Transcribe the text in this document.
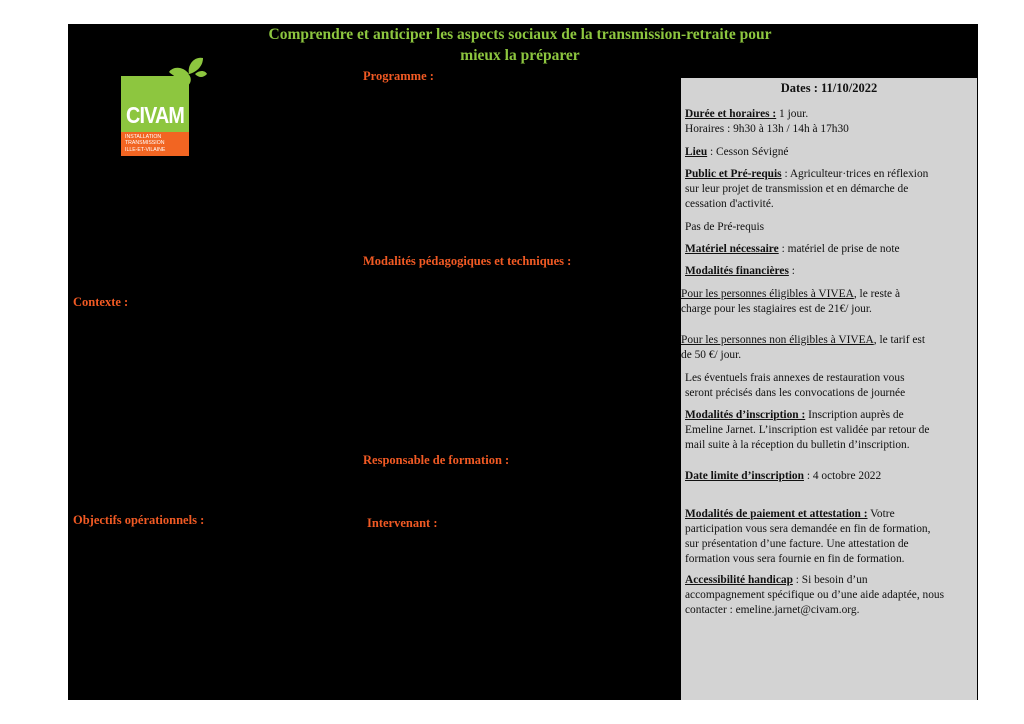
Comprendre et anticiper les aspects sociaux de la transmission-retraite pour
mieux la préparer
CIVAM
INSTALLATION
TRANSMISSION
ILLE-ET-VILAINE
Programme :
Modalités pédagogiques et techniques :
Contexte :
Responsable de formation :
Objectifs opérationnels :	Intervenant :

Dates : 11/10/2022

Durée et horaires : 1 jour.

Horaires : 9h30 à 13h / 14h à 17h30

Lieu : Cesson Sévigné

Public et Pré-requis : Agriculteur·trices en réflexion

sur leur projet de transmission et en démarche de

cessation d'activité.

Pas de Pré-requis

Matériel nécessaire : matériel de prise de note

Modalités financières :

Pour les personnes éligibles à VIVEA, le reste à

charge pour les stagiaires est de 21€/ jour.

Pour les personnes non éligibles à VIVEA, le tarif est

de 50 €/ jour.

Les éventuels frais annexes de restauration vous

seront précisés dans les convocations de journée

Modalités d’inscription : Inscription auprès de

Emeline Jarnet. L’inscription est validée par retour de

mail suite à la réception du bulletin d’inscription.

Date limite d’inscription : 4 octobre 2022

Modalités de paiement et attestation : Votre

participation vous sera demandée en fin de formation,

sur présentation d’une facture. Une attestation de

formation vous sera fournie en fin de formation.

Accessibilité handicap : Si besoin d’un

accompagnement spécifique ou d’une aide adaptée, nous

contacter : emeline.jarnet@civam.org.
